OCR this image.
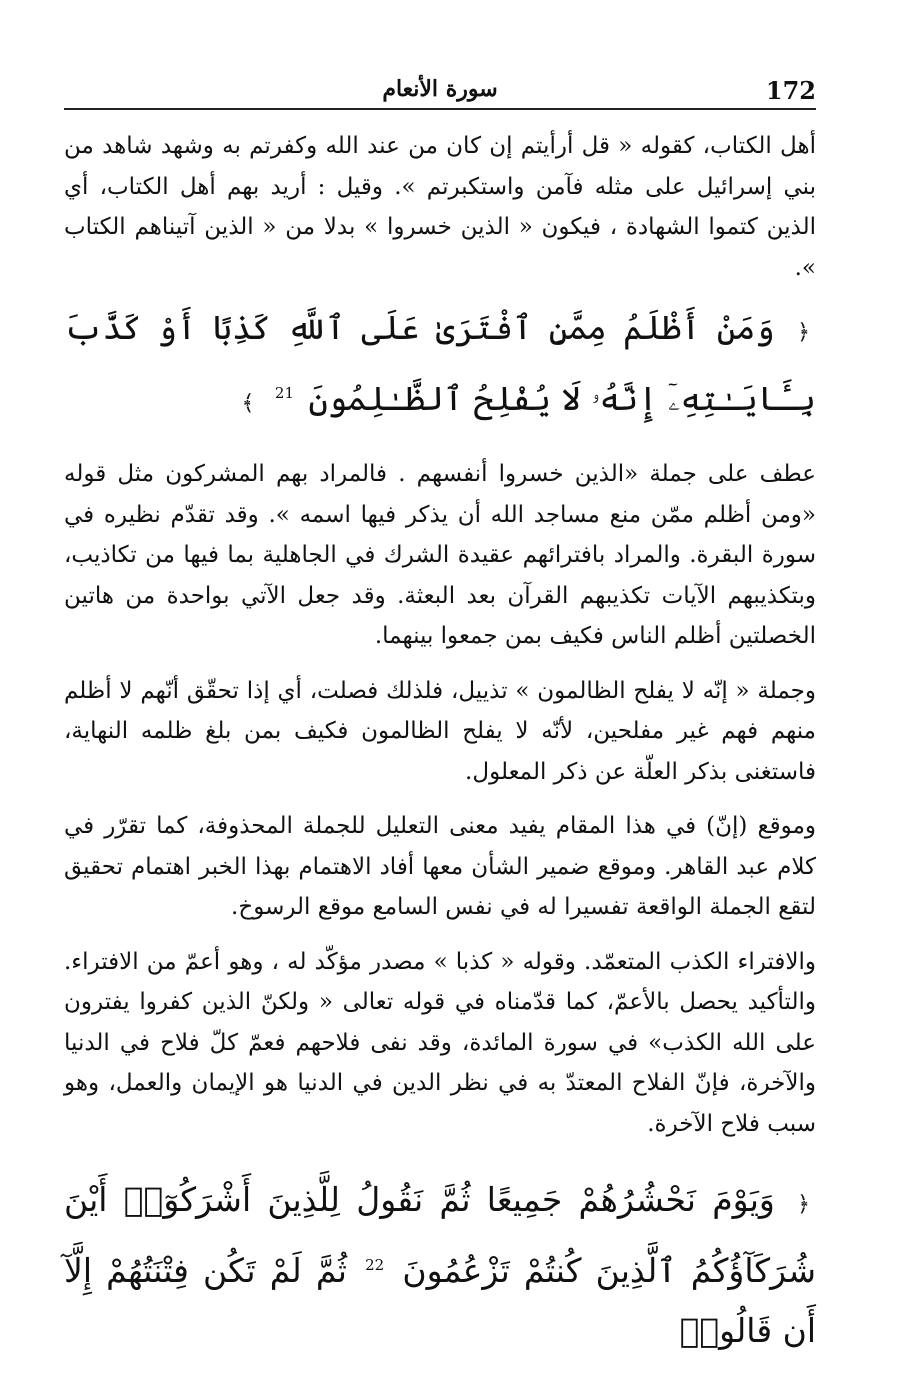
172
سورة الأنعام

أهل الكتاب، كقوله « قل أرأيتم إن كان من عند الله وكفرتم به وشهد شاهد من بني إسرائيل على مثله فآمن واستكبرتم ». وقيل : أريد بهم أهل الكتاب، أي الذين كتموا الشهادة ، فيكون « الذين خسروا » بدلا من « الذين آتيناهم الكتاب ».

﴿ وَمَنْ أَظْلَمُ مِمَّنِ ٱفْتَرَىٰ عَلَى ٱللَّهِ كَذِبًا أَوْ كَذَّبَ بِـَٔايَـٰتِهِۦٓ إِنَّهُۥ لَا يُفْلِحُ ٱلظَّـٰلِمُونَ $^{21}$ ﴾

عطف على جملة «الذين خسروا أنفسهم . فالمراد بهم المشركون مثل قوله «ومن أظلم ممّن منع مساجد الله أن يذكر فيها اسمه ». وقد تقدّم نظيره في سورة البقرة. والمراد بافترائهم عقيدة الشرك في الجاهلية بما فيها من تكاذيب، وبتكذيبهم الآيات تكذيبهم القرآن بعد البعثة. وقد جعل الآتي بواحدة من هاتين الخصلتين أظلم الناس فكيف بمن جمعوا بينهما.

وجملة « إنّه لا يفلح الظالمون » تذييل، فلذلك فصلت، أي إذا تحقّق أنّهم لا أظلم منهم فهم غير مفلحين، لأنّه لا يفلح الظالمون فكيف بمن بلغ ظلمه النهاية، فاستغنى بذكر العلّة عن ذكر المعلول.

وموقع (إنّ) في هذا المقام يفيد معنى التعليل للجملة المحذوفة، كما تقرّر في كلام عبد القاهر. وموقع ضمير الشأن معها أفاد الاهتمام بهذا الخبر اهتمام تحقيق لتقع الجملة الواقعة تفسيرا له في نفس السامع موقع الرسوخ.

والافتراء الكذب المتعمّد. وقوله « كذبا » مصدر مؤكّد له ، وهو أعمّ من الافتراء. والتأكيد يحصل بالأعمّ، كما قدّمناه في قوله تعالى « ولكنّ الذين كفروا يفترون على الله الكذب» في سورة المائدة، وقد نفى فلاحهم فعمّ كلّ فلاح في الدنيا والآخرة، فإنّ الفلاح المعتدّ به في نظر الدين في الدنيا هو الإيمان والعمل، وهو سبب فلاح الآخرة.

﴿ وَيَوْمَ نَحْشُرُهُمْ جَمِيعًا ثُمَّ نَقُولُ لِلَّذِينَ أَشْرَكُوٓا۟ أَيْنَ شُرَكَآؤُكُمُ ٱلَّذِينَ كُنتُمْ تَزْعُمُونَ $^{22}$ ثُمَّ لَمْ تَكُن فِتْنَتُهُمْ إِلَّآ أَن قَالُوا۟
